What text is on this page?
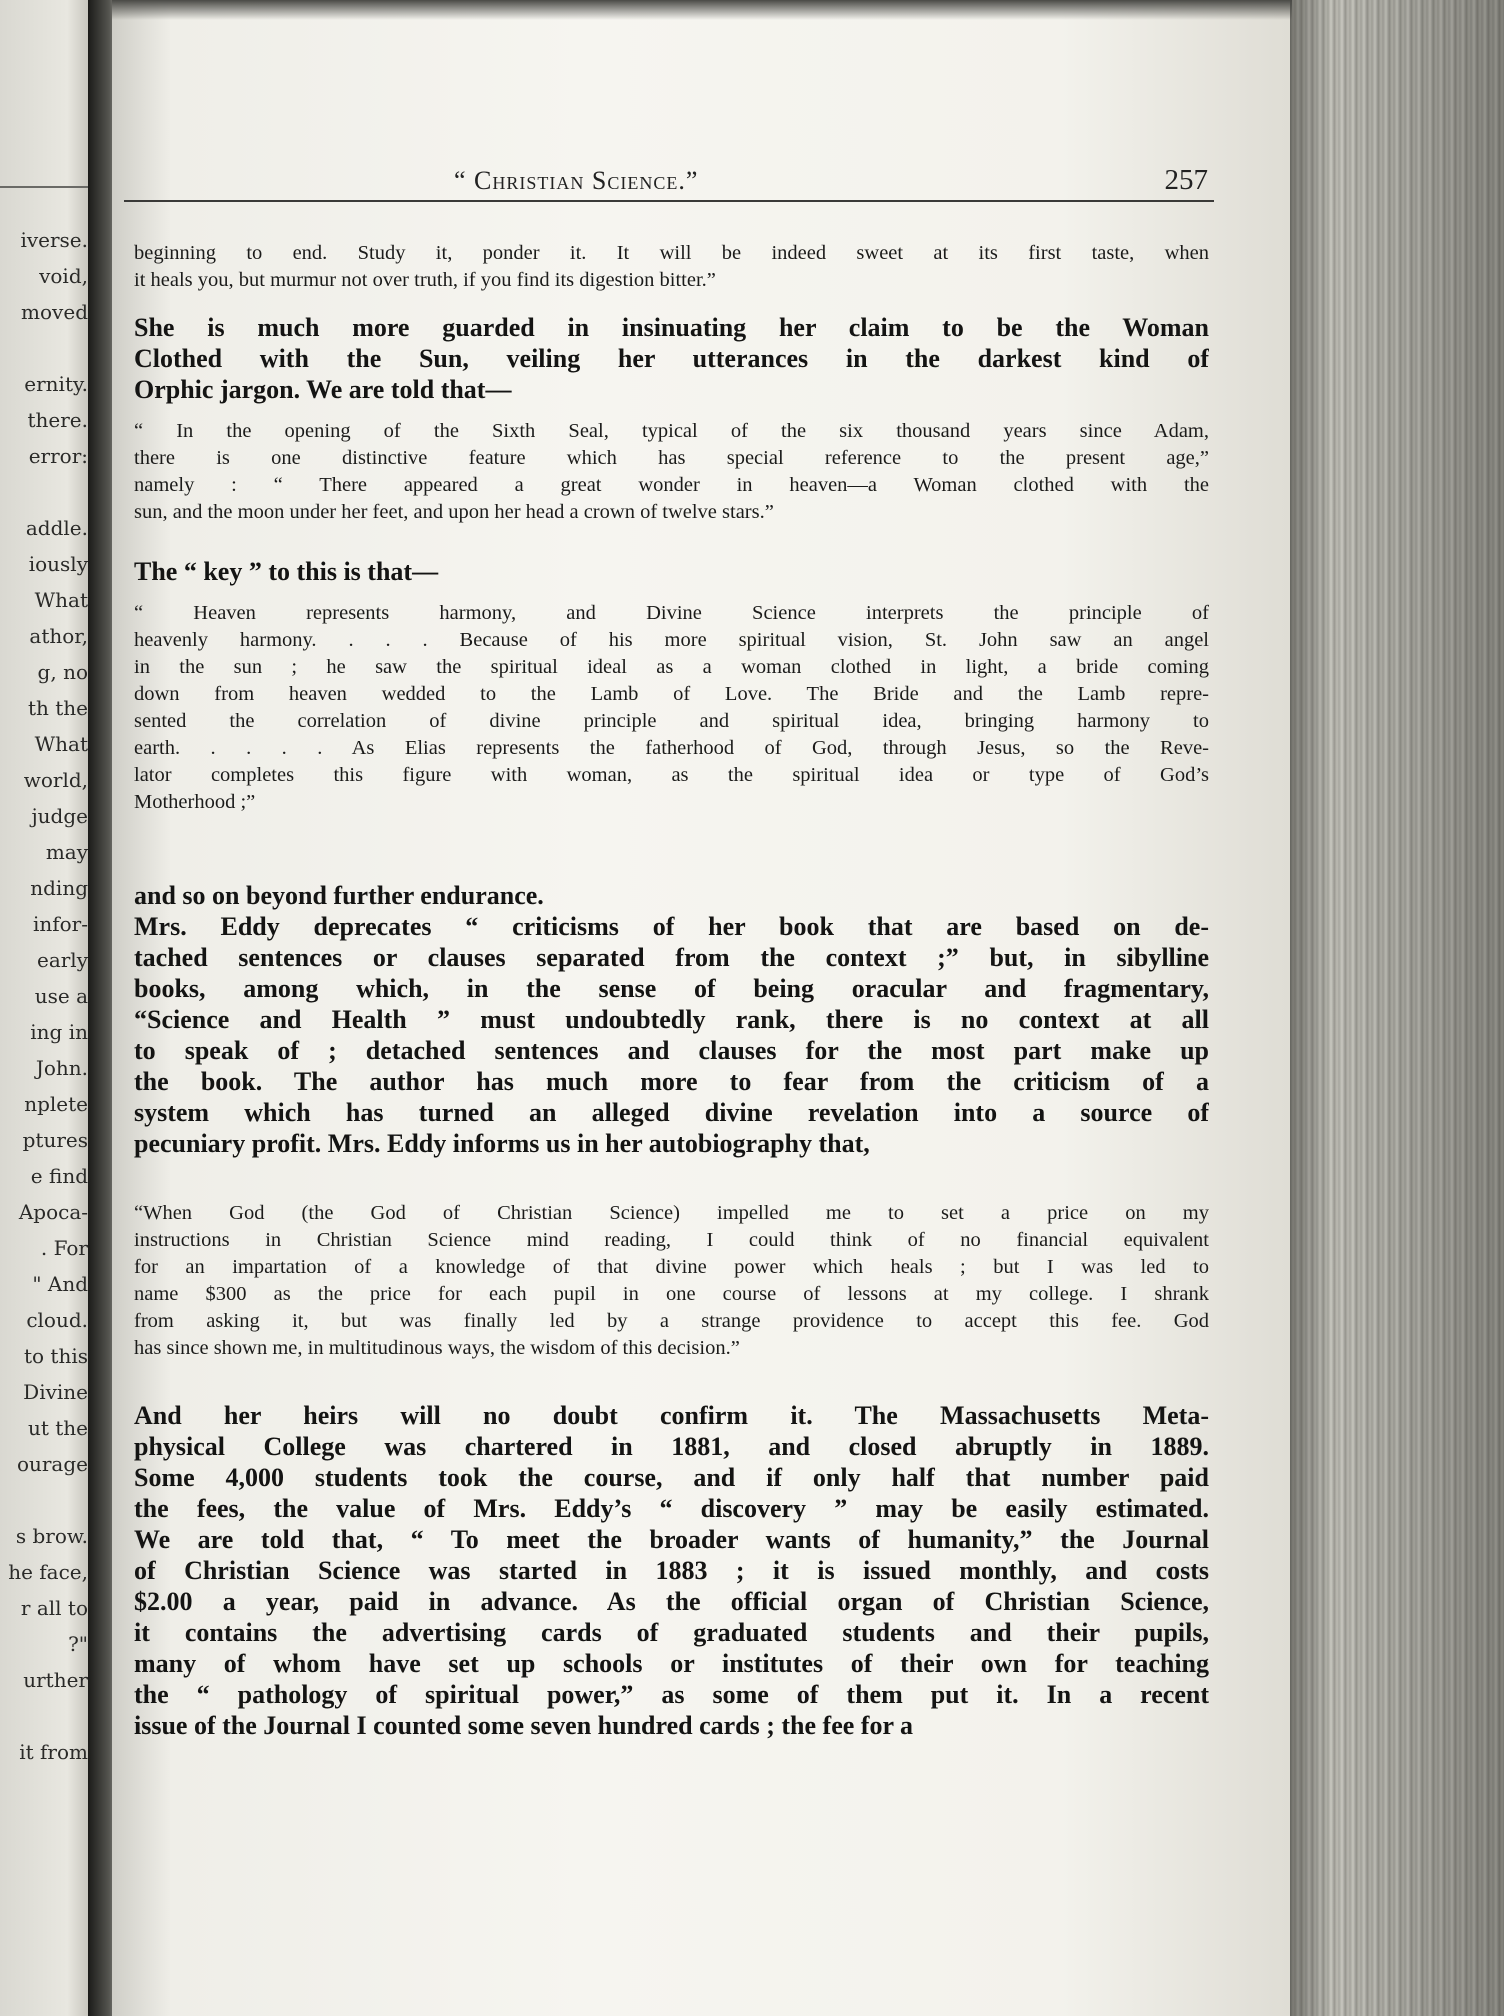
iverse.
void,
moved
ernity.
there.
error:
addle.
iously
What
athor,
g, no
th the
What
world,
judge
may
nding
infor-
early
use a
ing in
John.
nplete
ptures
e find
Apoca-
. For
" And
cloud.
to this
Divine
ut the
ourage
s brow.
he face,
r all to
?"
urther
it from
“ Christian Science.”	257
beginning to end. Study it, ponder it. It will be indeed sweet at its first taste, when
it heals you, but murmur not over truth, if you find its digestion bitter.”
She is much more guarded in insinuating her claim to be the Woman
Clothed with the Sun, veiling her utterances in the darkest kind of
Orphic jargon. We are told that—
“ In the opening of the Sixth Seal, typical of the six thousand years since Adam,
there is one distinctive feature which has special reference to the present age,”
namely : “ There appeared a great wonder in heaven—a Woman clothed with the
sun, and the moon under her feet, and upon her head a crown of twelve stars.”
The “ key ” to this is that—
“ Heaven represents harmony, and Divine Science interprets the principle of
heavenly harmony. . . . Because of his more spiritual vision, St. John saw an angel
in the sun ; he saw the spiritual ideal as a woman clothed in light, a bride coming
down from heaven wedded to the Lamb of Love. The Bride and the Lamb repre-
sented the correlation of divine principle and spiritual idea, bringing harmony to
earth. . . . . As Elias represents the fatherhood of God, through Jesus, so the Reve-
lator completes this figure with woman, as the spiritual idea or type of God’s
Motherhood ;”
and so on beyond further endurance.
Mrs. Eddy deprecates “ criticisms of her book that are based on de-
tached sentences or clauses separated from the context ;” but, in sibylline
books, among which, in the sense of being oracular and fragmentary,
“Science and Health ” must undoubtedly rank, there is no context at all
to speak of ; detached sentences and clauses for the most part make up
the book. The author has much more to fear from the criticism of a
system which has turned an alleged divine revelation into a source of
pecuniary profit. Mrs. Eddy informs us in her autobiography that,
“When God (the God of Christian Science) impelled me to set a price on my
instructions in Christian Science mind reading, I could think of no financial equivalent
for an impartation of a knowledge of that divine power which heals ; but I was led to
name $300 as the price for each pupil in one course of lessons at my college. I shrank
from asking it, but was finally led by a strange providence to accept this fee. God
has since shown me, in multitudinous ways, the wisdom of this decision.”
And her heirs will no doubt confirm it. The Massachusetts Meta-
physical College was chartered in 1881, and closed abruptly in 1889.
Some 4,000 students took the course, and if only half that number paid
the fees, the value of Mrs. Eddy’s “ discovery ” may be easily estimated.
We are told that, “ To meet the broader wants of humanity,” the Journal
of Christian Science was started in 1883 ; it is issued monthly, and costs
$2.00 a year, paid in advance. As the official organ of Christian Science,
it contains the advertising cards of graduated students and their pupils,
many of whom have set up schools or institutes of their own for teaching
the “ pathology of spiritual power,” as some of them put it. In a recent
issue of the Journal I counted some seven hundred cards ; the fee for a
